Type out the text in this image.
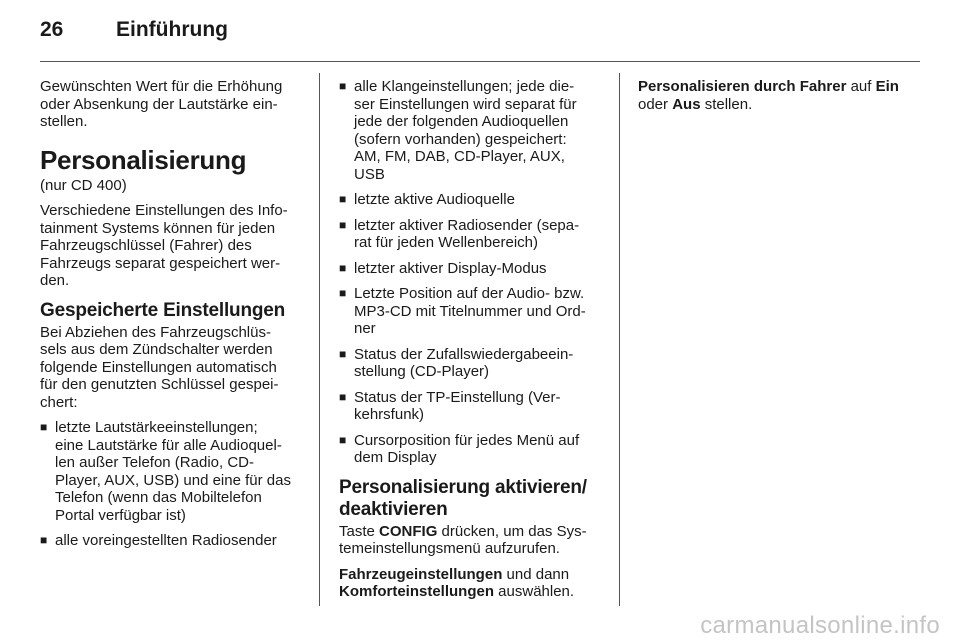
26	Einführung

Gewünschten Wert für die Erhöhung
oder Absenkung der Lautstärke ein-
stellen.

Personalisierung
(nur CD 400)

Verschiedene Einstellungen des Info-
tainment Systems können für jeden
Fahrzeugschlüssel (Fahrer) des
Fahrzeugs separat gespeichert wer-
den.

Gespeicherte Einstellungen

Bei Abziehen des Fahrzeugschlüs-
sels aus dem Zündschalter werden
folgende Einstellungen automatisch
für den genutzten Schlüssel gespei-
chert:

■ letzte Lautstärkeeinstellungen;
eine Lautstärke für alle Audioquel-
len außer Telefon (Radio, CD-
Player, AUX, USB) und eine für das
Telefon (wenn das Mobiltelefon
Portal verfügbar ist)
■ alle voreingestellten Radiosender
■ alle Klangeinstellungen; jede die-
ser Einstellungen wird separat für
jede der folgenden Audioquellen
(sofern vorhanden) gespeichert:
AM, FM, DAB, CD-Player, AUX,
USB
■ letzte aktive Audioquelle
■ letzter aktiver Radiosender (sepa-
rat für jeden Wellenbereich)
■ letzter aktiver Display-Modus
■ Letzte Position auf der Audio- bzw.
MP3-CD mit Titelnummer und Ord-
ner
■ Status der Zufallswiedergabeein-
stellung (CD-Player)
■ Status der TP-Einstellung (Ver-
kehrsfunk)
■ Cursorposition für jedes Menü auf
dem Display
Personalisierung aktivieren/
deaktivieren

Taste CONFIG drücken, um das Sys-
temeinstellungsmenü aufzurufen.

Fahrzeugeinstellungen und dann
Komforteinstellungen auswählen.

Personalisieren durch Fahrer auf Ein
oder Aus stellen.

carmanualsonline.info
